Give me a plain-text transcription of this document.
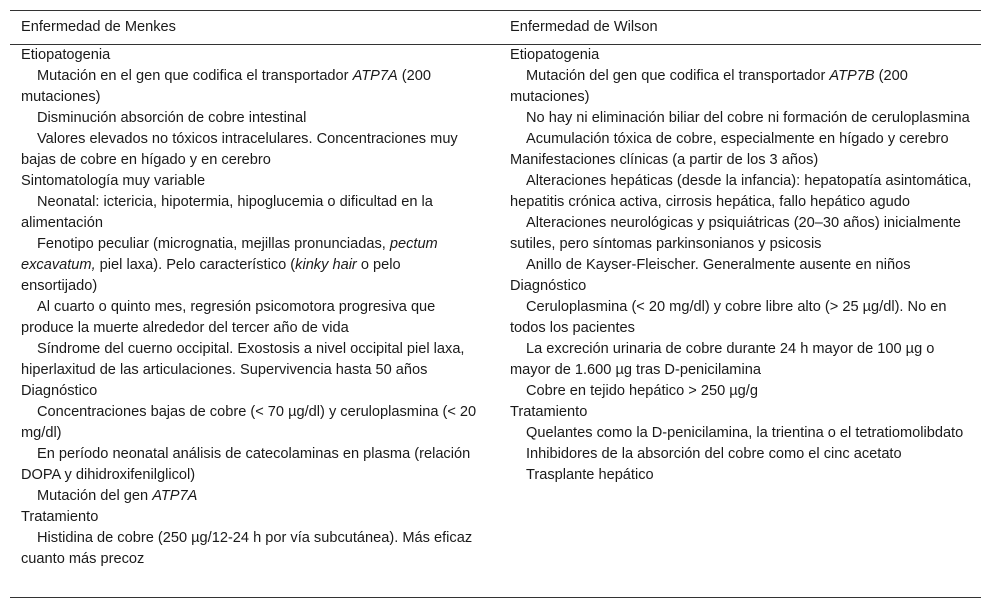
Enfermedad de Menkes	Enfermedad de Wilson

Etiopatogenia

Mutación en el gen que codifica el transportador ATP7A (200 mutaciones)

Disminución absorción de cobre intestinal

Valores elevados no tóxicos intracelulares. Concentraciones muy bajas de cobre en hígado y en cerebro

Sintomatología muy variable

Neonatal: ictericia, hipotermia, hipoglucemia o dificultad en la alimentación

Fenotipo peculiar (micrognatia, mejillas pronunciadas, pectum excavatum, piel laxa). Pelo característico (kinky hair o pelo ensortijado)

Al cuarto o quinto mes, regresión psicomotora progresiva que produce la muerte alrededor del tercer año de vida

Síndrome del cuerno occipital. Exostosis a nivel occipital piel laxa, hiperlaxitud de las articulaciones. Supervivencia hasta 50 años

Diagnóstico

Concentraciones bajas de cobre (< 70 µg/dl) y ceruloplasmina (< 20 mg/dl)

En período neonatal análisis de catecolaminas en plasma (relación DOPA y dihidroxifenilglicol)

Mutación del gen ATP7A

Tratamiento

Histidina de cobre (250 µg/12-24 h por vía subcutánea). Más eficaz cuanto más precoz

Etiopatogenia

Mutación del gen que codifica el transportador ATP7B (200 mutaciones)

No hay ni eliminación biliar del cobre ni formación de ceruloplasmina

Acumulación tóxica de cobre, especialmente en hígado y cerebro

Manifestaciones clínicas (a partir de los 3 años)

Alteraciones hepáticas (desde la infancia): hepatopatía asintomática, hepatitis crónica activa, cirrosis hepática, fallo hepático agudo

Alteraciones neurológicas y psiquiátricas (20–30 años) inicialmente sutiles, pero síntomas parkinsonianos y psicosis

Anillo de Kayser-Fleischer. Generalmente ausente en niños

Diagnóstico

Ceruloplasmina (< 20 mg/dl) y cobre libre alto (> 25 µg/dl). No en todos los pacientes

La excreción urinaria de cobre durante 24 h mayor de 100 µg o mayor de 1.600 µg tras D-penicilamina

Cobre en tejido hepático > 250 µg/g

Tratamiento

Quelantes como la D-penicilamina, la trientina o el tetratiomolibdato

Inhibidores de la absorción del cobre como el cinc acetato

Trasplante hepático
